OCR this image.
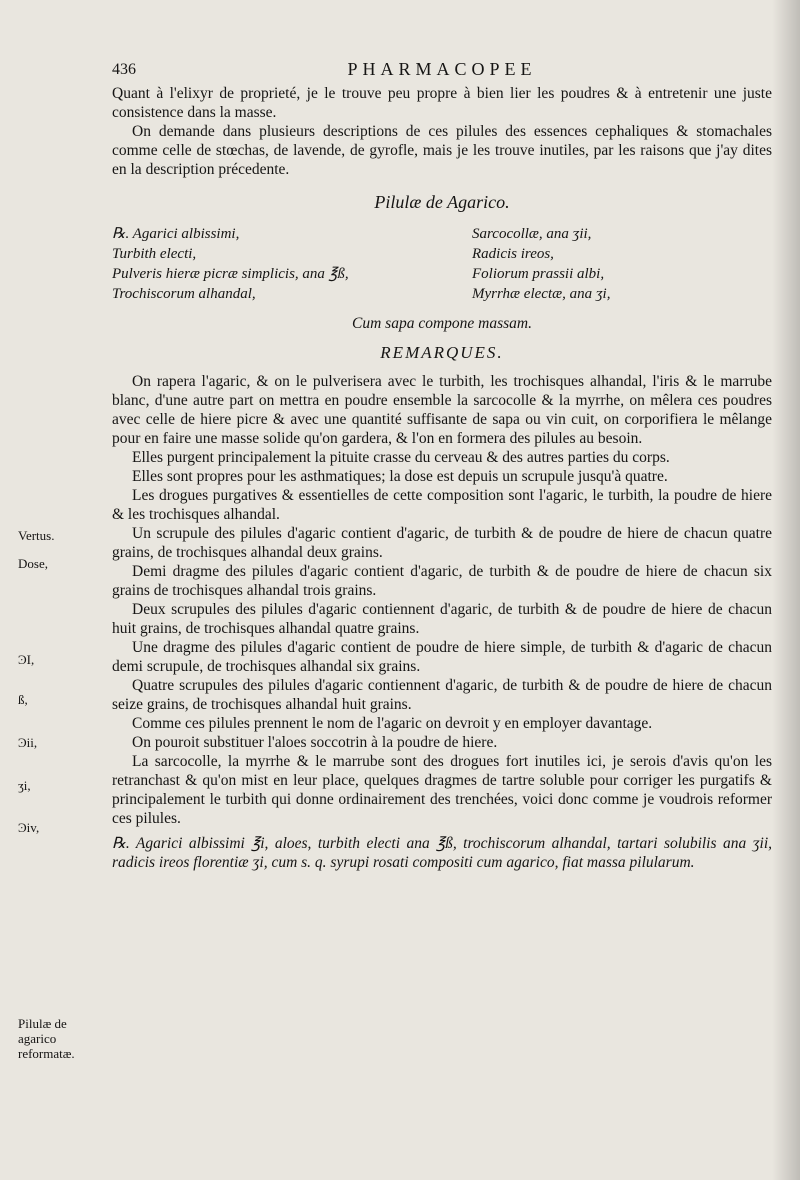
436	PHARMACOPEE

Quant à l'elixyr de proprieté, je le trouve peu propre à bien lier les poudres & à entretenir une juste consistence dans la masse.

On demande dans plusieurs descriptions de ces pilules des essences cephaliques & stomachales comme celle de stœchas, de lavende, de gyrofle, mais je les trouve inutiles, par les raisons que j'ay dites en la description précedente.

Pilulæ de Agarico.
℞. Agarici albissimi,	Sarcocollæ, ana ʒii,
Turbith electi,	Radicis ireos,
Pulveris hieræ picræ simplicis, ana ℥ß,	Foliorum prassii albi,
Trochiscorum alhandal,	Myrrhæ electæ, ana ʒi,
Cum sapa compone massam.
REMARQUES.

On rapera l'agaric, & on le pulverisera avec le turbith, les trochisques alhandal, l'iris & le marrube blanc, d'une autre part on mettra en poudre ensemble la sarcocolle & la myrrhe, on mêlera ces poudres avec celle de hiere picre & avec une quantité suffisante de sapa ou vin cuit, on corporifiera le mêlange pour en faire une masse solide qu'on gardera, & l'on en formera des pilules au besoin.

Elles purgent principalement la pituite crasse du cerveau & des autres parties du corps.

Elles sont propres pour les asthmatiques; la dose est depuis un scrupule jusqu'à quatre.

Les drogues purgatives & essentielles de cette composition sont l'agaric, le turbith, la poudre de hiere & les trochisques alhandal.

Un scrupule des pilules d'agaric contient d'agaric, de turbith & de poudre de hiere de chacun quatre grains, de trochisques alhandal deux grains.

Demi dragme des pilules d'agaric contient d'agaric, de turbith & de poudre de hiere de chacun six grains de trochisques alhandal trois grains.

Deux scrupules des pilules d'agaric contiennent d'agaric, de turbith & de poudre de hiere de chacun huit grains, de trochisques alhandal quatre grains.

Une dragme des pilules d'agaric contient de poudre de hiere simple, de turbith & d'agaric de chacun demi scrupule, de trochisques alhandal six grains.

Quatre scrupules des pilules d'agaric contiennent d'agaric, de turbith & de poudre de hiere de chacun seize grains, de trochisques alhandal huit grains.

Comme ces pilules prennent le nom de l'agaric on devroit y en employer davantage.

On pouroit substituer l'aloes soccotrin à la poudre de hiere.

La sarcocolle, la myrrhe & le marrube sont des drogues fort inutiles ici, je serois d'avis qu'on les retranchast & qu'on mist en leur place, quelques dragmes de tartre soluble pour corriger les purgatifs & principalement le turbith qui donne ordinairement des trenchées, voici donc comme je voudrois reformer ces pilules.

℞. Agarici albissimi ℥i, aloes, turbith electi ana ℥ß, trochiscorum alhandal, tartari solubilis ana ʒii, radicis ireos florentiæ ʒi, cum s. q. syrupi rosati compositi cum agarico, fiat massa pilularum.

Vertus.
Dose,
ϿI,
ß,
Ͽii,
ʒi,
Ͽiv,
Pilulæ de agarico reformatæ.
